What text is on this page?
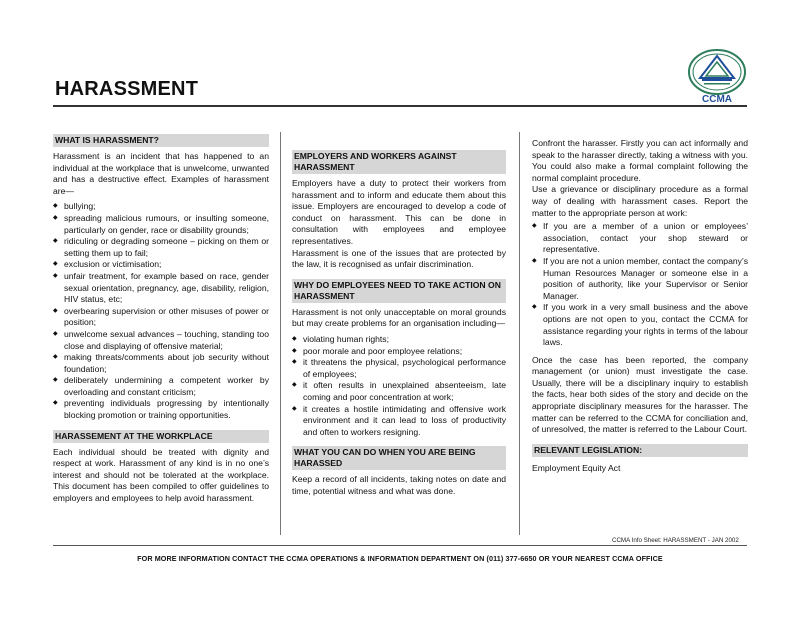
HARASSMENT	CCMA
WHAT IS HARASSMENT?

Harassment is an incident that has happened to an individual at the workplace that is unwelcome, unwanted and has a destructive effect. Examples of harassment are—

◆ bullying;
◆ spreading malicious rumours, or insulting someone, particularly on gender, race or disability grounds;
◆ ridiculing or degrading someone – picking on them or setting them up to fail;
◆ exclusion or victimisation;
◆ unfair treatment, for example based on race, gender sexual orientation, pregnancy, age, disability, religion, HIV status, etc;
◆ overbearing supervision or other misuses of power or position;
◆ unwelcome sexual advances – touching, standing too close and displaying of offensive material;
◆ making threats/comments about job security without foundation;
◆ deliberately undermining a competent worker by overloading and constant criticism;
◆ preventing individuals progressing by intentionally blocking promotion or training opportunities.
HARASSEMENT AT THE WORKPLACE

Each individual should be treated with dignity and respect at work. Harassment of any kind is in no one’s interest and should not be tolerated at the workplace. This document has been compiled to offer guidelines to employers and employees to help avoid harassment.

EMPLOYERS AND WORKERS AGAINST HARASSMENT

Employers have a duty to protect their workers from harassment and to inform and educate them about this issue. Employers are encouraged to develop a code of conduct on harassment. This can be done in consultation with employees and employee representatives.

Harassment is one of the issues that are protected by the law, it is recognised as unfair discrimination.

WHY DO EMPLOYEES NEED TO TAKE ACTION ON HARASSMENT

Harassment is not only unacceptable on moral grounds but may create problems for an organisation including—

◆ violating human rights;
◆ poor morale and poor employee relations;
◆ it threatens the physical, psychological performance of employees;
◆ it often results in unexplained absenteeism, late coming and poor concentration at work;
◆ it creates a hostile intimidating and offensive work environment and it can lead to loss of productivity and often to workers resigning.
WHAT YOU CAN DO WHEN YOU ARE BEING HARASSED

Keep a record of all incidents, taking notes on date and time, potential witness and what was done.

Confront the harasser. Firstly you can act informally and speak to the harasser directly, taking a witness with you. You could also make a formal complaint following the normal complaint procedure.

Use a grievance or disciplinary procedure as a formal way of dealing with harassment cases. Report the matter to the appropriate person at work:

◆ If you are a member of a union or employees’ association, contact your shop steward or representative.
◆ If you are not a union member, contact the company’s Human Resources Manager or someone else in a position of authority, like your Supervisor or Senior Manager.
◆ If you work in a very small business and the above options are not open to you, contact the CCMA for assistance regarding your rights in terms of the labour laws.

Once the case has been reported, the company management (or union) must investigate the case. Usually, there will be a disciplinary inquiry to establish the facts, hear both sides of the story and decide on the appropriate disciplinary measures for the harasser. The matter can be referred to the CCMA for conciliation and, of unresolved, the matter is referred to the Labour Court.

RELEVANT LEGISLATION:

Employment Equity Act

CCMA Info Sheet: HARASSMENT - JAN 2002
FOR MORE INFORMATION CONTACT THE CCMA OPERATIONS & INFORMATION DEPARTMENT ON (011) 377-6650 OR YOUR NEAREST CCMA OFFICE
